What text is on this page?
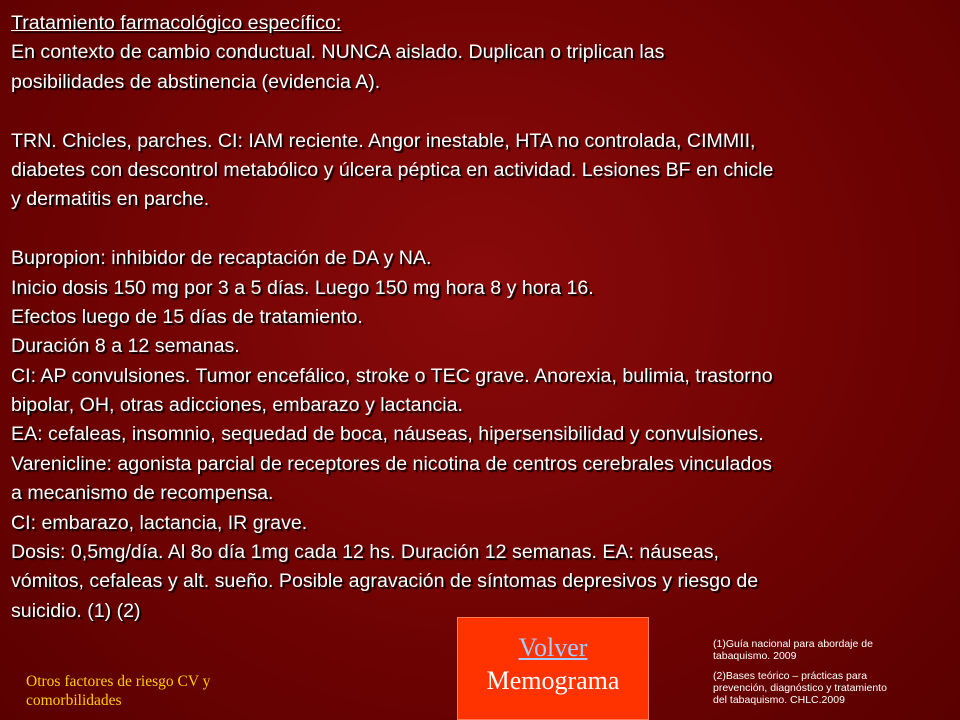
Tratamiento farmacológico específico:
En contexto de cambio conductual. NUNCA aislado. Duplican o triplican las
posibilidades de abstinencia (evidencia A).
TRN. Chicles, parches. CI: IAM reciente. Angor inestable, HTA no controlada, CIMMII,
diabetes con descontrol metabólico y úlcera péptica en actividad. Lesiones BF en chicle
y dermatitis en parche.
Bupropion: inhibidor de recaptación de DA y NA.
Inicio dosis 150 mg por 3 a 5 días. Luego 150 mg hora 8 y hora 16.
Efectos luego de 15 días de tratamiento.
Duración 8 a 12 semanas.
CI: AP convulsiones. Tumor encefálico, stroke o TEC grave. Anorexia, bulimia, trastorno
bipolar, OH, otras adicciones, embarazo y lactancia.
EA: cefaleas, insomnio, sequedad de boca, náuseas, hipersensibilidad y convulsiones.
Varenicline: agonista parcial de receptores de nicotina de centros cerebrales vinculados
a mecanismo de recompensa.
CI: embarazo, lactancia, IR grave.
Dosis: 0,5mg/día. Al 8o día 1mg cada 12 hs. Duración 12 semanas. EA: náuseas,
vómitos, cefaleas y alt. sueño. Posible agravación de síntomas depresivos y riesgo de
suicidio. (1) (2)
Volver
Memograma
Otros factores de riesgo CV y
comorbilidades
(1)Guía nacional para abordaje de
tabaquismo. 2009
(2)Bases teórico – prácticas para
prevención, diagnóstico y tratamiento
del tabaquismo. CHLC.2009
